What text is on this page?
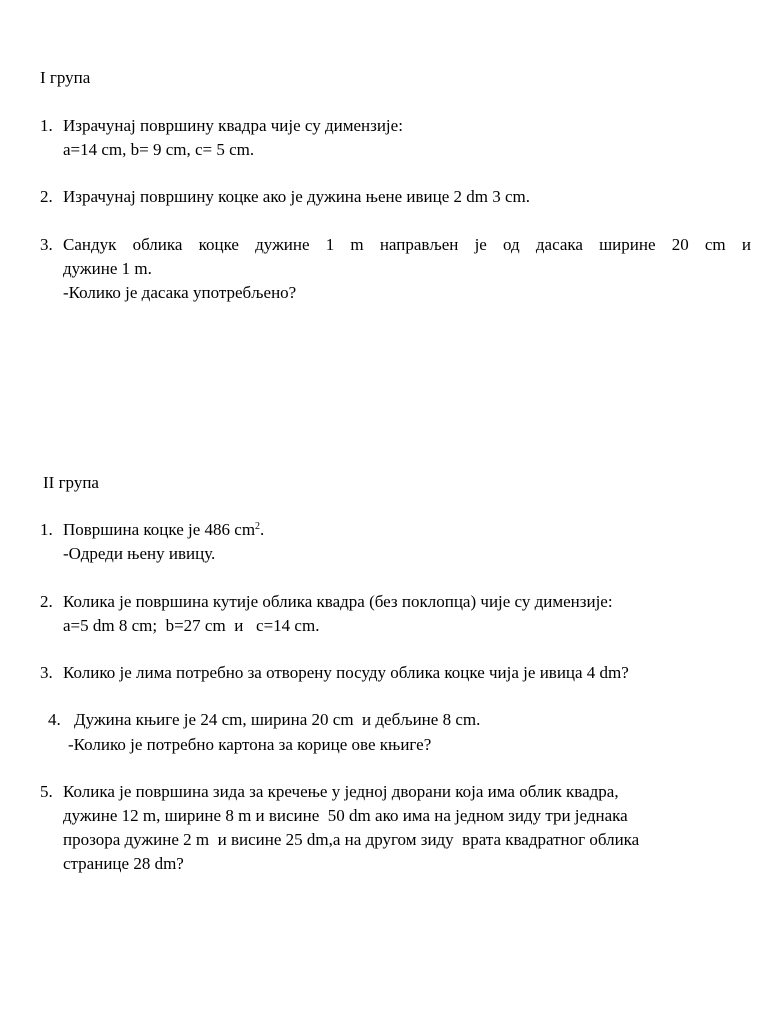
I група
1. Израчунај површину квадра чије су димензије:
a=14 cm, b= 9 cm, c= 5 cm.
2. Израчунај површину коцке ако је дужина њене ивице 2 dm 3 cm.
3. Сандук облика коцке дужине 1 m направљен је од дасака ширине 20 cm и
дужине 1 m.
-Колико је дасака употребљено?
II група
1. Површина коцке је 486 $cm^2$.
-Одреди њену ивицу.
2. Колика је површина кутије облика квадра (без поклопца) чије су димензије:
a=5 dm 8 cm;  b=27 cm  и   c=14 cm.
3. Колико је лима потребно за отворену посуду облика коцке чија је ивица 4 dm?
4. Дужина књиге је 24 cm, ширина 20 cm  и дебљине 8 cm.
-Колико је потребно картона за корице ове књиге?
5. Колика је површина зида за кречење у једној дворани која има облик квадра,
дужине 12 m, ширине 8 m и висине  50 dm ако има на једном зиду три једнака
прозора дужине 2 m  и висине 25 dm,а на другом зиду  врата квадратног облика
странице 28 dm?
